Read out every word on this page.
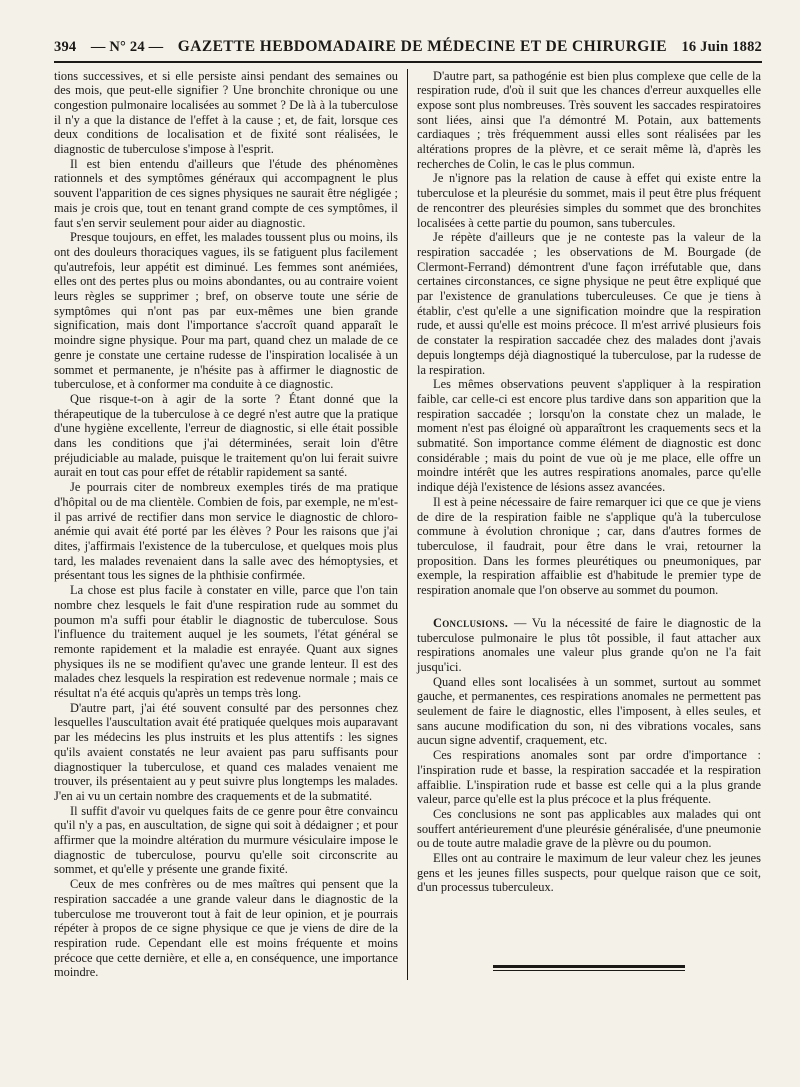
394 — N° 24 — GAZETTE HEBDOMADAIRE DE MÉDECINE ET DE CHIRURGIE 16 Juin 1882

tions successives, et si elle persiste ainsi pendant des semaines ou des mois, que peut-elle signifier ? Une bronchite chronique ou une congestion pulmonaire localisées au sommet ? De là à la tuberculose il n'y a que la distance de l'effet à la cause ; et, de fait, lorsque ces deux conditions de localisation et de fixité sont réalisées, le diagnostic de tuberculose s'impose à l'esprit.

Il est bien entendu d'ailleurs que l'étude des phénomènes rationnels et des symptômes généraux qui accompagnent le plus souvent l'apparition de ces signes physiques ne saurait être négligée ; mais je crois que, tout en tenant grand compte de ces symptômes, il faut s'en servir seulement pour aider au diagnostic.

Presque toujours, en effet, les malades toussent plus ou moins, ils ont des douleurs thoraciques vagues, ils se fatiguent plus facilement qu'autrefois, leur appétit est diminué. Les femmes sont anémiées, elles ont des pertes plus ou moins abondantes, ou au contraire voient leurs règles se supprimer ; bref, on observe toute une série de symptômes qui n'ont pas par eux-mêmes une bien grande signification, mais dont l'importance s'accroît quand apparaît le moindre signe physique. Pour ma part, quand chez un malade de ce genre je constate une certaine rudesse de l'inspiration localisée à un sommet et permanente, je n'hésite pas à affirmer le diagnostic de tuberculose, et à conformer ma conduite à ce diagnostic.

Que risque-t-on à agir de la sorte ? Étant donné que la thérapeutique de la tuberculose à ce degré n'est autre que la pratique d'une hygiène excellente, l'erreur de diagnostic, si elle était possible dans les conditions que j'ai déterminées, serait loin d'être préjudiciable au malade, puisque le traitement qu'on lui ferait suivre aurait en tout cas pour effet de rétablir rapidement sa santé.

Je pourrais citer de nombreux exemples tirés de ma pratique d'hôpital ou de ma clientèle. Combien de fois, par exemple, ne m'est-il pas arrivé de rectifier dans mon service le diagnostic de chloro-anémie qui avait été porté par les élèves ? Pour les raisons que j'ai dites, j'affirmais l'existence de la tuberculose, et quelques mois plus tard, les malades revenaient dans la salle avec des hémoptysies, et présentant tous les signes de la phthisie confirmée.

La chose est plus facile à constater en ville, parce que l'on tain nombre chez lesquels le fait d'une respiration rude au sommet du poumon m'a suffi pour établir le diagnostic de tuberculose. Sous l'influence du traitement auquel je les soumets, l'état général se remonte rapidement et la maladie est enrayée. Quant aux signes physiques ils ne se modifient qu'avec une grande lenteur. Il est des malades chez lesquels la respiration est redevenue normale ; mais ce résultat n'a été acquis qu'après un temps très long.

D'autre part, j'ai été souvent consulté par des personnes chez lesquelles l'auscultation avait été pratiquée quelques mois auparavant par les médecins les plus instruits et les plus attentifs : les signes qu'ils avaient constatés ne leur avaient pas paru suffisants pour diagnostiquer la tuberculose, et quand ces malades venaient me trouver, ils présentaient au y peut suivre plus longtemps les malades. J'en ai vu un certain nombre des craquements et de la submatité.

Il suffit d'avoir vu quelques faits de ce genre pour être convaincu qu'il n'y a pas, en auscultation, de signe qui soit à dédaigner ; et pour affirmer que la moindre altération du murmure vésiculaire impose le diagnostic de tuberculose, pourvu qu'elle soit circonscrite au sommet, et qu'elle y présente une grande fixité.

Ceux de mes confrères ou de mes maîtres qui pensent que la respiration saccadée a une grande valeur dans le diagnostic de la tuberculose me trouveront tout à fait de leur opinion, et je pourrais répéter à propos de ce signe physique ce que je viens de dire de la respiration rude. Cependant elle est moins fréquente et moins précoce que cette dernière, et elle a, en conséquence, une importance moindre.

D'autre part, sa pathogénie est bien plus complexe que celle de la respiration rude, d'où il suit que les chances d'erreur auxquelles elle expose sont plus nombreuses. Très souvent les saccades respiratoires sont liées, ainsi que l'a démontré M. Potain, aux battements cardiaques ; très fréquemment aussi elles sont réalisées par les altérations propres de la plèvre, et ce serait même là, d'après les recherches de Colin, le cas le plus commun.

Je n'ignore pas la relation de cause à effet qui existe entre la tuberculose et la pleurésie du sommet, mais il peut être plus fréquent de rencontrer des pleurésies simples du sommet que des bronchites localisées à cette partie du poumon, sans tubercules.

Je répète d'ailleurs que je ne conteste pas la valeur de la respiration saccadée ; les observations de M. Bourgade (de Clermont-Ferrand) démontrent d'une façon irréfutable que, dans certaines circonstances, ce signe physique ne peut être expliqué que par l'existence de granulations tuberculeuses. Ce que je tiens à établir, c'est qu'elle a une signification moindre que la respiration rude, et aussi qu'elle est moins précoce. Il m'est arrivé plusieurs fois de constater la respiration saccadée chez des malades dont j'avais depuis longtemps déjà diagnostiqué la tuberculose, par la rudesse de la respiration.

Les mêmes observations peuvent s'appliquer à la respiration faible, car celle-ci est encore plus tardive dans son apparition que la respiration saccadée ; lorsqu'on la constate chez un malade, le moment n'est pas éloigné où apparaîtront les craquements secs et la submatité. Son importance comme élément de diagnostic est donc considérable ; mais du point de vue où je me place, elle offre un moindre intérêt que les autres respirations anomales, parce qu'elle indique déjà l'existence de lésions assez avancées.

Il est à peine nécessaire de faire remarquer ici que ce que je viens de dire de la respiration faible ne s'applique qu'à la tuberculose commune à évolution chronique ; car, dans d'autres formes de tuberculose, il faudrait, pour être dans le vrai, retourner la proposition. Dans les formes pleurétiques ou pneumoniques, par exemple, la respiration affaiblie est d'habitude le premier type de respiration anomale que l'on observe au sommet du poumon.

Conclusions. — Vu la nécessité de faire le diagnostic de la tuberculose pulmonaire le plus tôt possible, il faut attacher aux respirations anomales une valeur plus grande qu'on ne l'a fait jusqu'ici.

Quand elles sont localisées à un sommet, surtout au sommet gauche, et permanentes, ces respirations anomales ne permettent pas seulement de faire le diagnostic, elles l'imposent, à elles seules, et sans aucune modification du son, ni des vibrations vocales, sans aucun signe adventif, craquement, etc.

Ces respirations anomales sont par ordre d'importance : l'inspiration rude et basse, la respiration saccadée et la respiration affaiblie. L'inspiration rude et basse est celle qui a la plus grande valeur, parce qu'elle est la plus précoce et la plus fréquente.

Ces conclusions ne sont pas applicables aux malades qui ont souffert antérieurement d'une pleurésie généralisée, d'une pneumonie ou de toute autre maladie grave de la plèvre ou du poumon.

Elles ont au contraire le maximum de leur valeur chez les jeunes gens et les jeunes filles suspects, pour quelque raison que ce soit, d'un processus tuberculeux.
